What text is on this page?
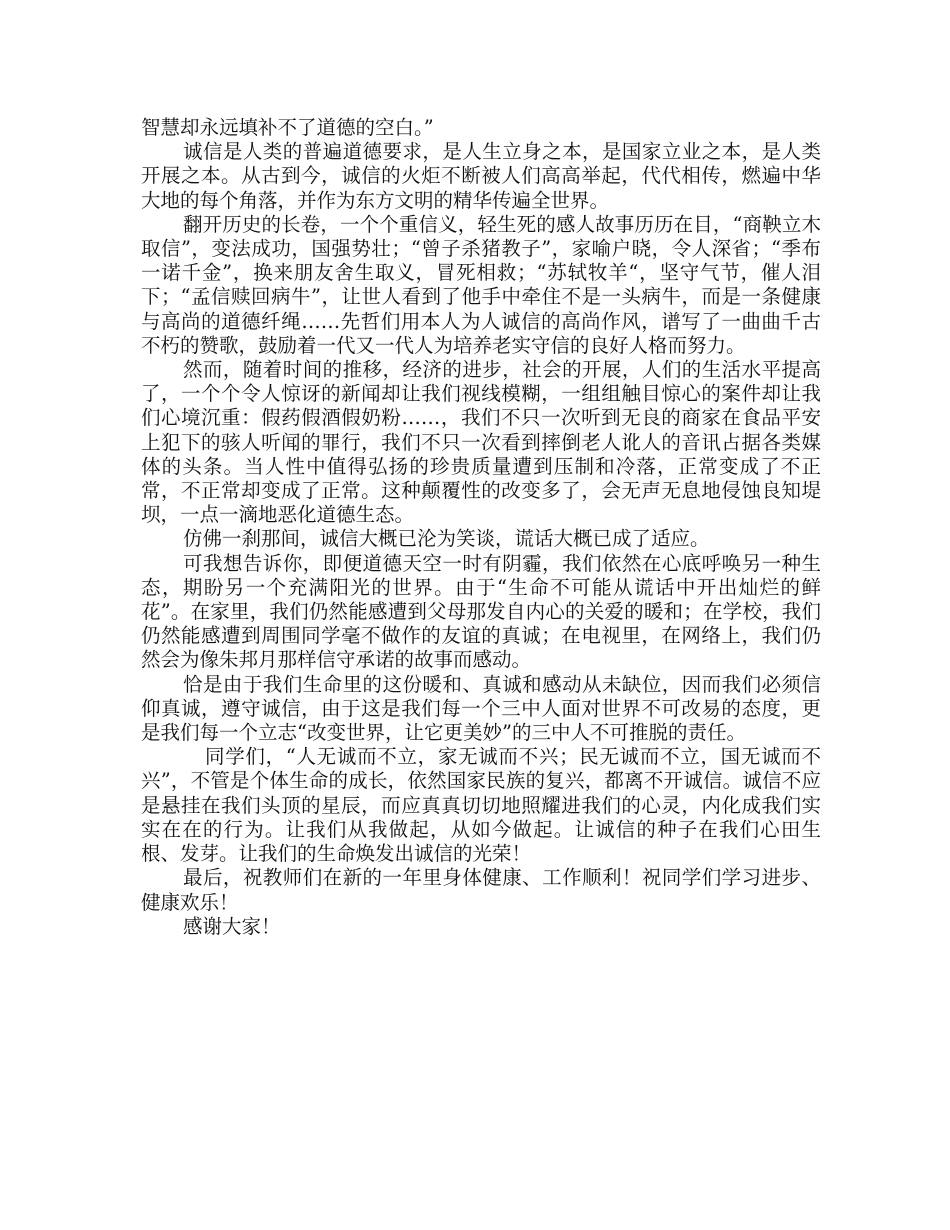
智慧却永远填补不了道德的空白。”

诚信是人类的普遍道德要求，是人生立身之本，是国家立业之本，是人类开展之本。从古到今，诚信的火炬不断被人们高高举起，代代相传，燃遍中华大地的每个角落，并作为东方文明的精华传遍全世界。

翻开历史的长卷，一个个重信义，轻生死的感人故事历历在目，“商鞅立木取信”，变法成功，国强势壮；“曾子杀猪教子”，家喻户晓，令人深省；“季布一诺千金”，换来朋友舍生取义，冒死相救；“苏轼牧羊“，坚守气节，催人泪下；“孟信赎回病牛”，让世人看到了他手中牵住不是一头病牛，而是一条健康与高尚的道德纤绳……先哲们用本人为人诚信的高尚作风，谱写了一曲曲千古不朽的赞歌，鼓励着一代又一代人为培养老实守信的良好人格而努力。

然而，随着时间的推移，经济的进步，社会的开展，人们的生活水平提高了，一个个令人惊讶的新闻却让我们视线模糊，一组组触目惊心的案件却让我们心境沉重：假药假酒假奶粉……，我们不只一次听到无良的商家在食品平安上犯下的骇人听闻的罪行，我们不只一次看到摔倒老人讹人的音讯占据各类媒体的头条。当人性中值得弘扬的珍贵质量遭到压制和冷落，正常变成了不正常，不正常却变成了正常。这种颠覆性的改变多了，会无声无息地侵蚀良知堤坝，一点一滴地恶化道德生态。

仿佛一刹那间，诚信大概已沦为笑谈，谎话大概已成了适应。

可我想告诉你，即便道德天空一时有阴霾，我们依然在心底呼唤另一种生态，期盼另一个充满阳光的世界。由于“生命不可能从谎话中开出灿烂的鲜花”。在家里，我们仍然能感遭到父母那发自内心的关爱的暖和；在学校，我们仍然能感遭到周围同学毫不做作的友谊的真诚；在电视里，在网络上，我们仍然会为像朱邦月那样信守承诺的故事而感动。

恰是由于我们生命里的这份暖和、真诚和感动从未缺位，因而我们必须信仰真诚，遵守诚信，由于这是我们每一个三中人面对世界不可改易的态度，更是我们每一个立志“改变世界，让它更美妙”的三中人不可推脱的责任。

同学们，“人无诚而不立，家无诚而不兴；民无诚而不立，国无诚而不兴”，不管是个体生命的成长，依然国家民族的复兴，都离不开诚信。诚信不应是悬挂在我们头顶的星辰，而应真真切切地照耀进我们的心灵，内化成我们实实在在的行为。让我们从我做起，从如今做起。让诚信的种子在我们心田生根、发芽。让我们的生命焕发出诚信的光荣！

最后，祝教师们在新的一年里身体健康、工作顺利！祝同学们学习进步、健康欢乐！

感谢大家！
